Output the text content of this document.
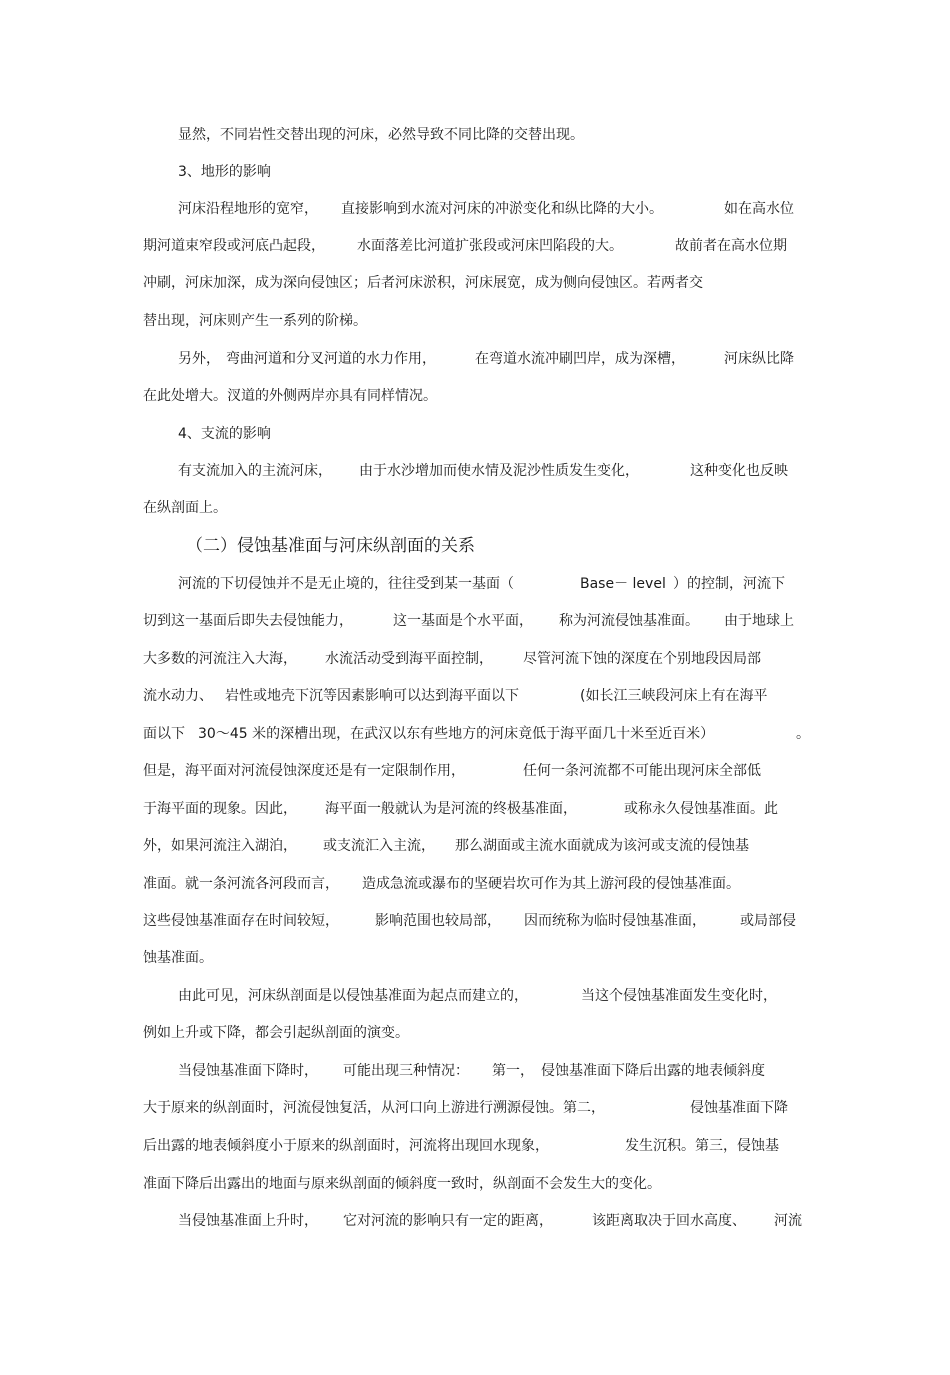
显然，不同岩性交替出现的河床，必然导致不同比降的交替出现。

3、地形的影响

河床沿程地形的宽窄，

直接影响到水流对河床的冲淤变化和纵比降的大小。

	如在高水位

期河道束窄段或河底凸起段，

水面落差比河道扩张段或河床凹陷段的大。

	故前者在高水位期

冲刷，河床加深，成为深向侵蚀区；后者河床淤积，河床展宽，成为侧向侵蚀区。若两者交

替出现，河床则产生一系列的阶梯。

另外，

弯曲河道和分叉河道的水力作用，

	在弯道水流冲刷凹岸，成为深槽，

	河床纵比降

在此处增大。汊道的外侧两岸亦具有同样情况。

4、支流的影响

有支流加入的主流河床，

由于水沙增加而使水情及泥沙性质发生变化，

	这种变化也反映

在纵剖面上。

（二）侵蚀基准面与河床纵剖面的关系

河流的下切侵蚀并不是无止境的，往往受到某一基面（

	Base－ level

）的控制，河流下

切到这一基面后即失去侵蚀能力，

	这一基面是个水平面，

称为河流侵蚀基准面。

由于地球上

大多数的河流注入大海，

水流活动受到海平面控制，

尽管河流下蚀的深度在个别地段因局部

流水动力、

岩性或地壳下沉等因素影响可以达到海平面以下

	(如长江三峡段河床上有在海平

面以下

30～45 米的深槽出现，在武汉以东有些地方的河床竟低于海平面几十米至近百米）

	。

但是，海平面对河流侵蚀深度还是有一定限制作用，

	任何一条河流都不可能出现河床全部低

于海平面的现象。因此，

海平面一般就认为是河流的终极基准面，

	或称永久侵蚀基准面。此

外，如果河流注入湖泊，

或支流汇入主流，

那么湖面或主流水面就成为该河或支流的侵蚀基

准面。就一条河流各河段而言，

造成急流或瀑布的坚硬岩坎可作为其上游河段的侵蚀基准面。

这些侵蚀基准面存在时间较短，

	影响范围也较局部，

因而统称为临时侵蚀基准面，

或局部侵

蚀基准面。

由此可见，河床纵剖面是以侵蚀基准面为起点而建立的，

	当这个侵蚀基准面发生变化时，

例如上升或下降，都会引起纵剖面的演变。

当侵蚀基准面下降时，

可能出现三种情况：

第一，

侵蚀基准面下降后出露的地表倾斜度

大于原来的纵剖面时，河流侵蚀复活，从河口向上游进行溯源侵蚀。第二，

	侵蚀基准面下降

后出露的地表倾斜度小于原来的纵剖面时，河流将出现回水现象，

	发生沉积。第三，侵蚀基

准面下降后出露出的地面与原来纵剖面的倾斜度一致时，纵剖面不会发生大的变化。

当侵蚀基准面上升时，

它对河流的影响只有一定的距离，

	该距离取决于回水高度、

河流
